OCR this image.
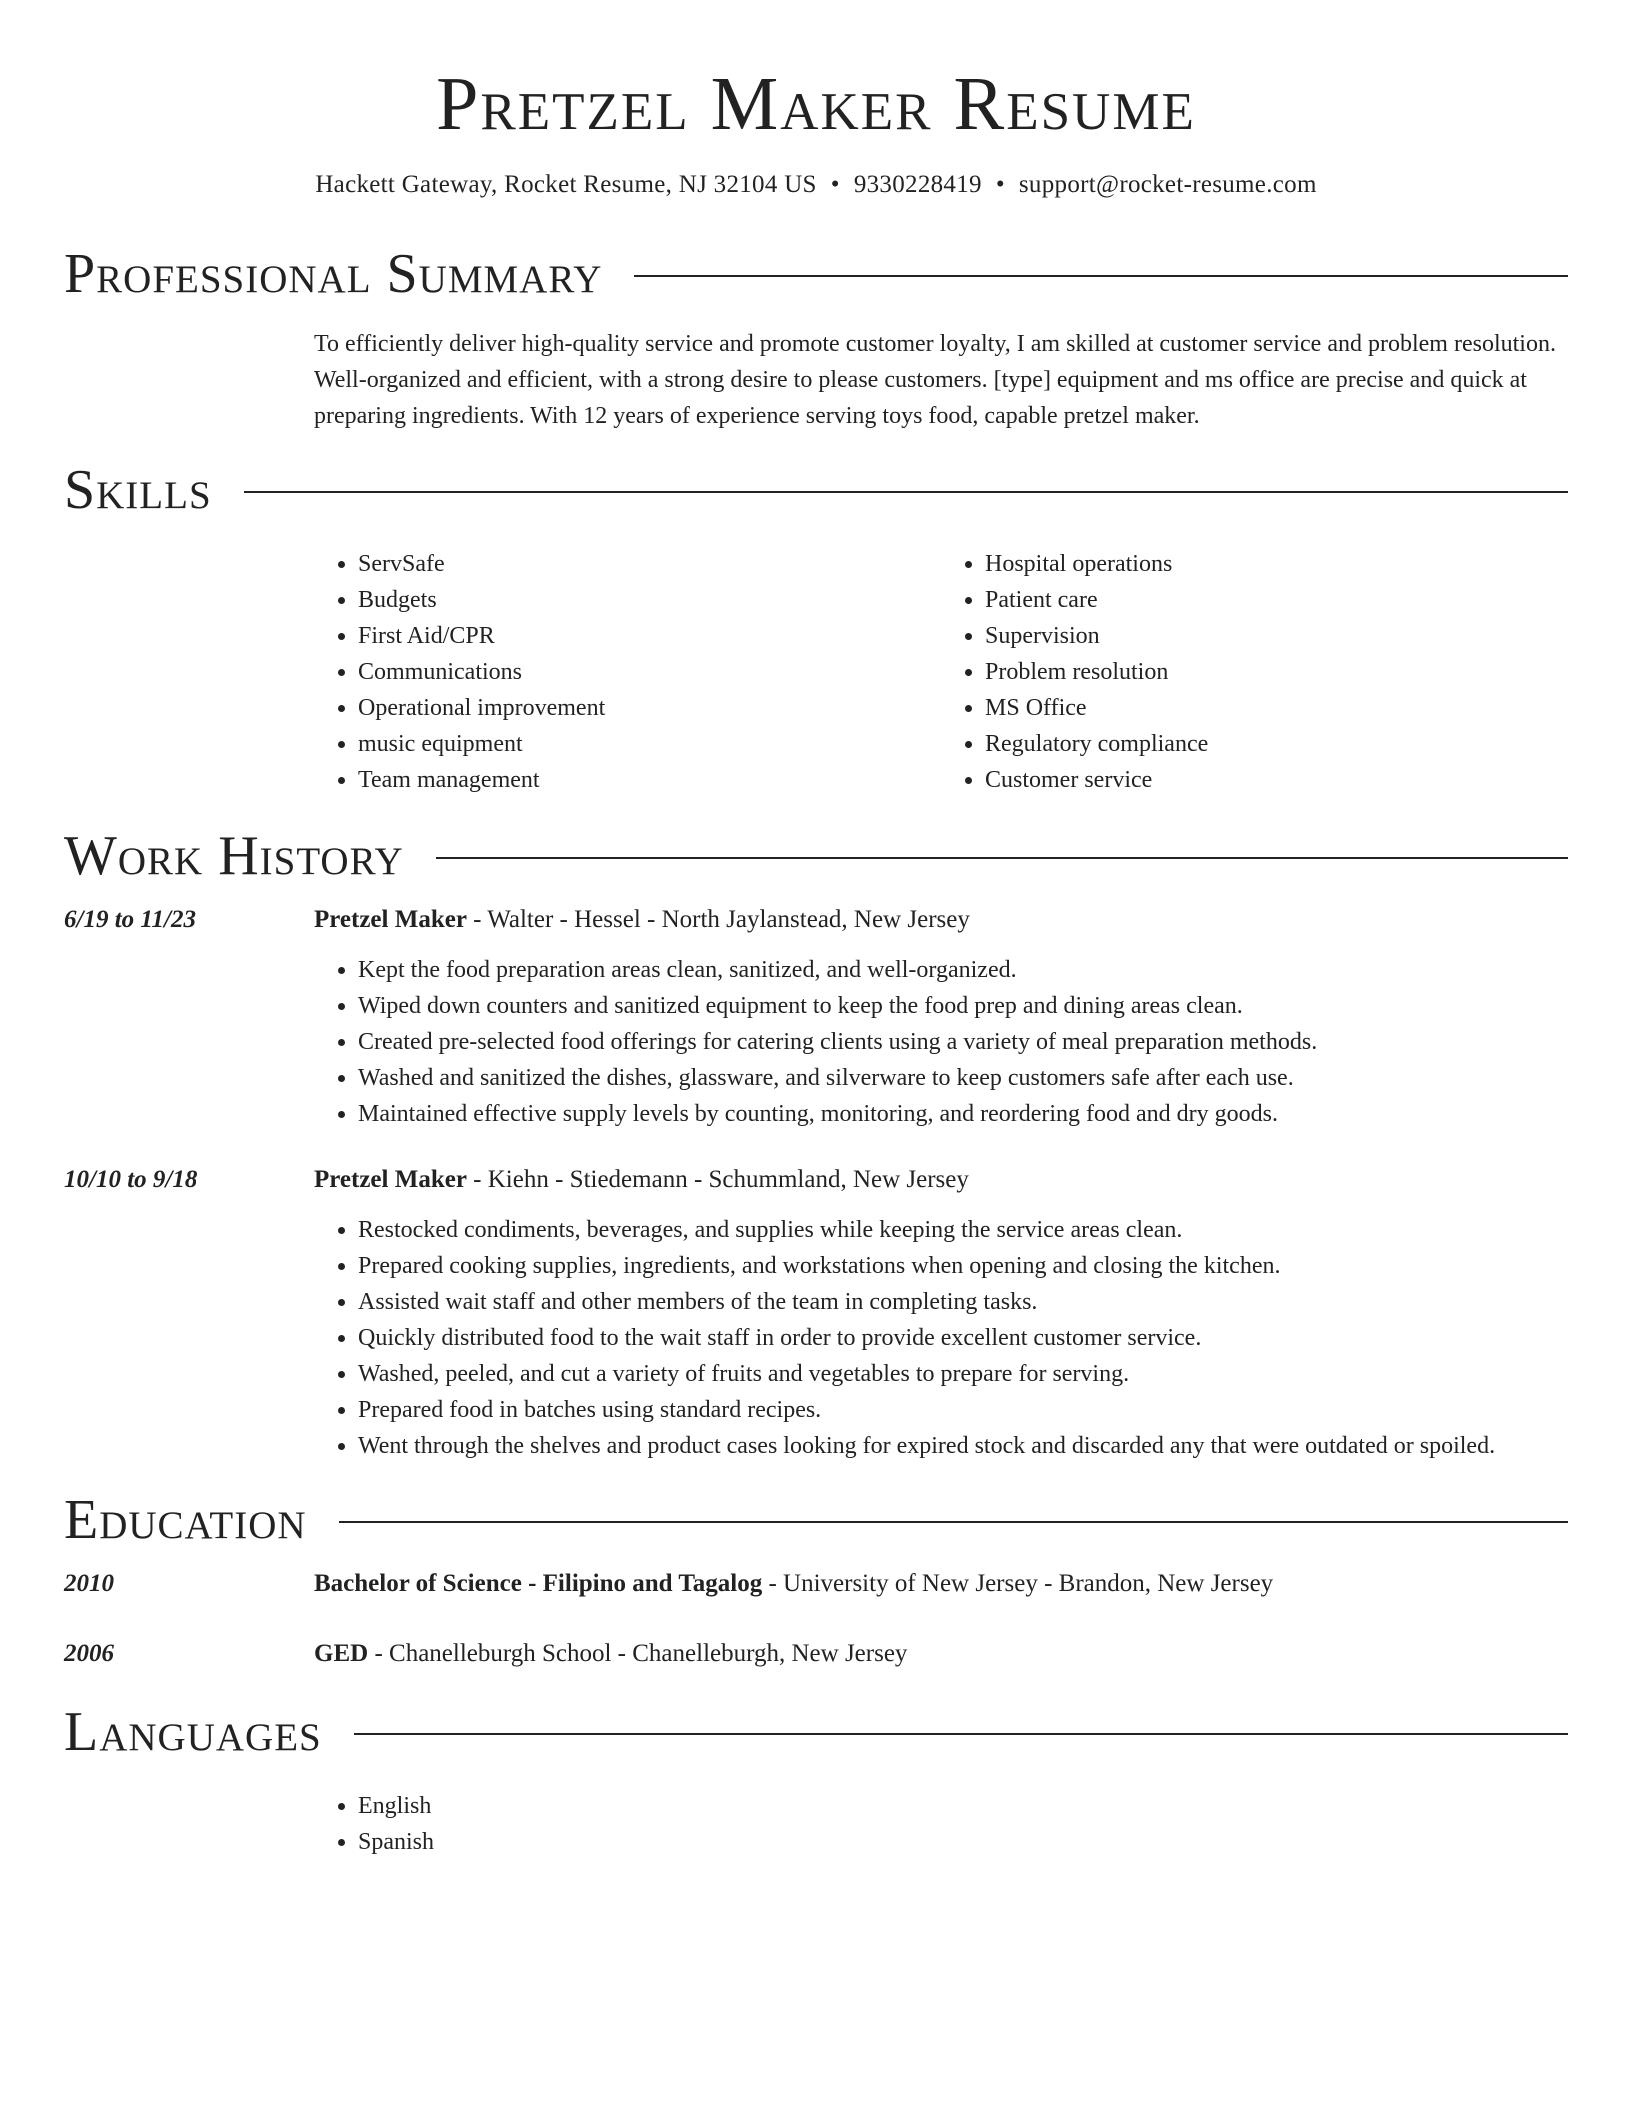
Pretzel Maker Resume
Hackett Gateway, Rocket Resume, NJ 32104 US • 9330228419 • support@rocket-resume.com
Professional Summary
To efficiently deliver high-quality service and promote customer loyalty, I am skilled at customer service and problem resolution. Well-organized and efficient, with a strong desire to please customers. [type] equipment and ms office are precise and quick at preparing ingredients. With 12 years of experience serving toys food, capable pretzel maker.
Skills
• ServSafe
• Budgets
• First Aid/CPR
• Communications
• Operational improvement
• music equipment
• Team management
• Hospital operations
• Patient care
• Supervision
• Problem resolution
• MS Office
• Regulatory compliance
• Customer service
Work History
6/19 to 11/23	Pretzel Maker - Walter - Hessel - North Jaylanstead, New Jersey
• Kept the food preparation areas clean, sanitized, and well-organized.
• Wiped down counters and sanitized equipment to keep the food prep and dining areas clean.
• Created pre-selected food offerings for catering clients using a variety of meal preparation methods.
• Washed and sanitized the dishes, glassware, and silverware to keep customers safe after each use.
• Maintained effective supply levels by counting, monitoring, and reordering food and dry goods.
10/10 to 9/18	Pretzel Maker - Kiehn - Stiedemann - Schummland, New Jersey
• Restocked condiments, beverages, and supplies while keeping the service areas clean.
• Prepared cooking supplies, ingredients, and workstations when opening and closing the kitchen.
• Assisted wait staff and other members of the team in completing tasks.
• Quickly distributed food to the wait staff in order to provide excellent customer service.
• Washed, peeled, and cut a variety of fruits and vegetables to prepare for serving.
• Prepared food in batches using standard recipes.
• Went through the shelves and product cases looking for expired stock and discarded any that were outdated or spoiled.
Education
2010	Bachelor of Science - Filipino and Tagalog - University of New Jersey - Brandon, New Jersey
2006	GED - Chanelleburgh School - Chanelleburgh, New Jersey
Languages
• English
• Spanish
